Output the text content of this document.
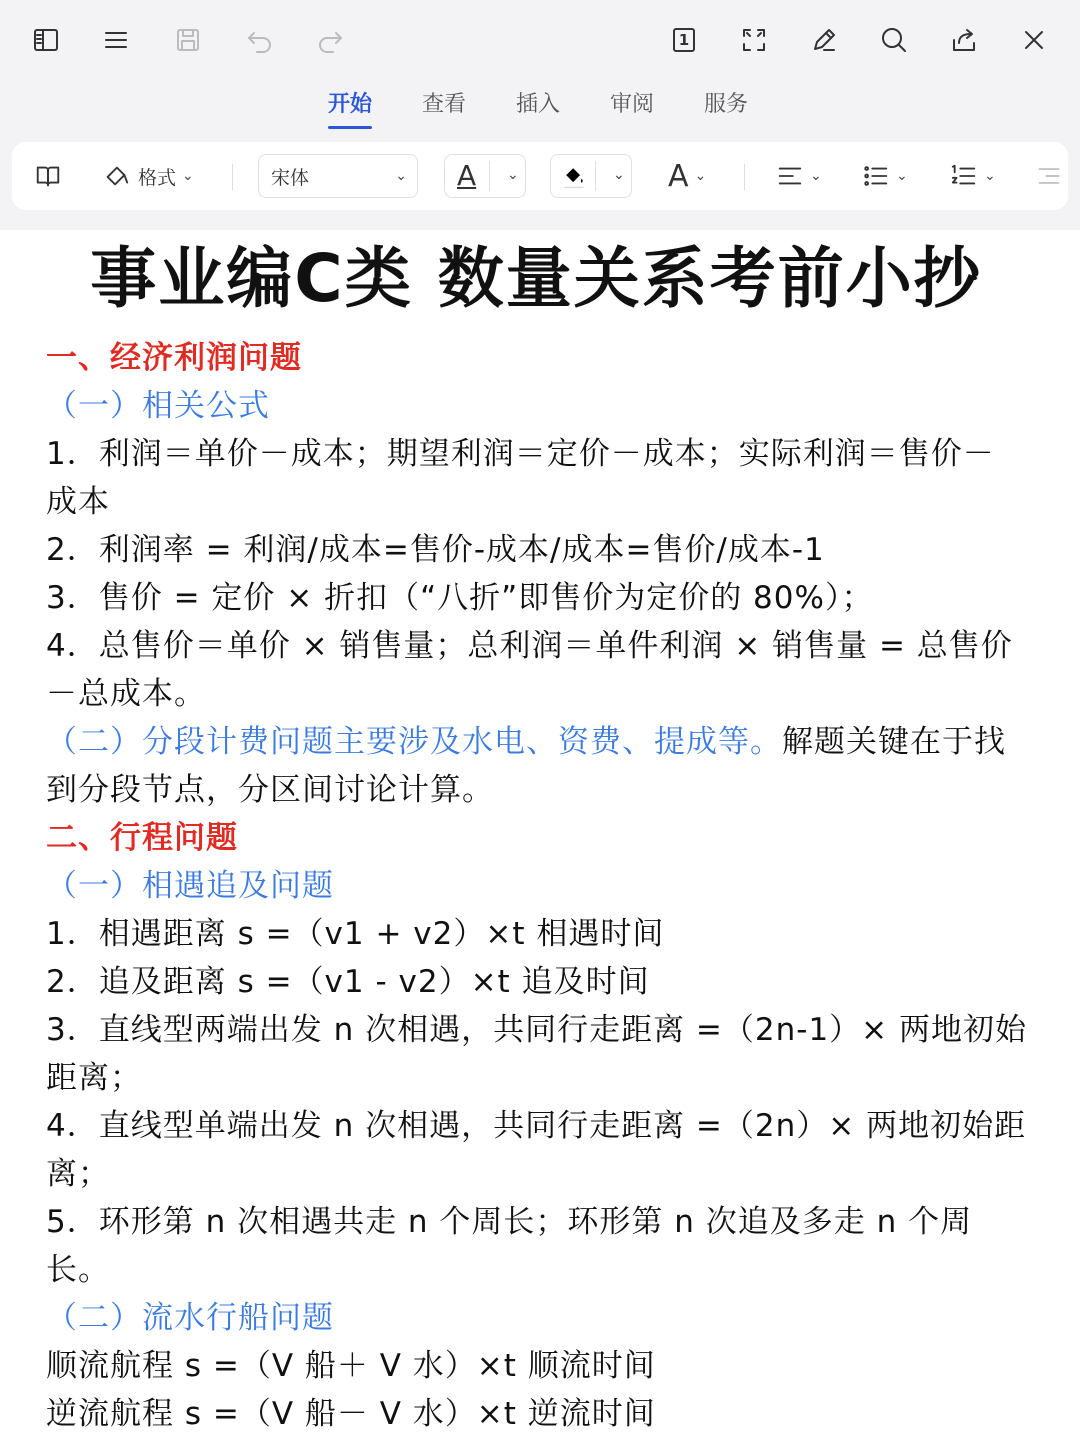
1
开始 查看 插入 审阅 服务
格式 ⌄	宋体	⌄ A ⌄	⌄ A ⌄	⌄	⌄	⌄
事业编C类 数量关系考前小抄
一、经济利润问题
（一）相关公式
1．利润＝单价－成本；期望利润＝定价－成本；实际利润＝售价－
成本
2．利润率 = 利润/成本=售价-成本/成本=售价/成本-1
3．售价 = 定价 × 折扣（“八折”即售价为定价的 80%）；
4．总售价＝单价 × 销售量；总利润＝单件利润 × 销售量 = 总售价
－总成本。
（二）分段计费问题主要涉及水电、资费、提成等。解题关键在于找
到分段节点，分区间讨论计算。
二、行程问题
（一）相遇追及问题
1．相遇距离 s =（v1 + v2）×t 相遇时间
2．追及距离 s =（v1 - v2）×t 追及时间
3．直线型两端出发 n 次相遇，共同行走距离 =（2n-1）× 两地初始
距离；
4．直线型单端出发 n 次相遇，共同行走距离 =（2n）× 两地初始距
离；
5．环形第 n 次相遇共走 n 个周长；环形第 n 次追及多走 n 个周
长。
（二）流水行船问题
顺流航程 s =（V 船＋ V 水）×t 顺流时间
逆流航程 s =（V 船－ V 水）×t 逆流时间
